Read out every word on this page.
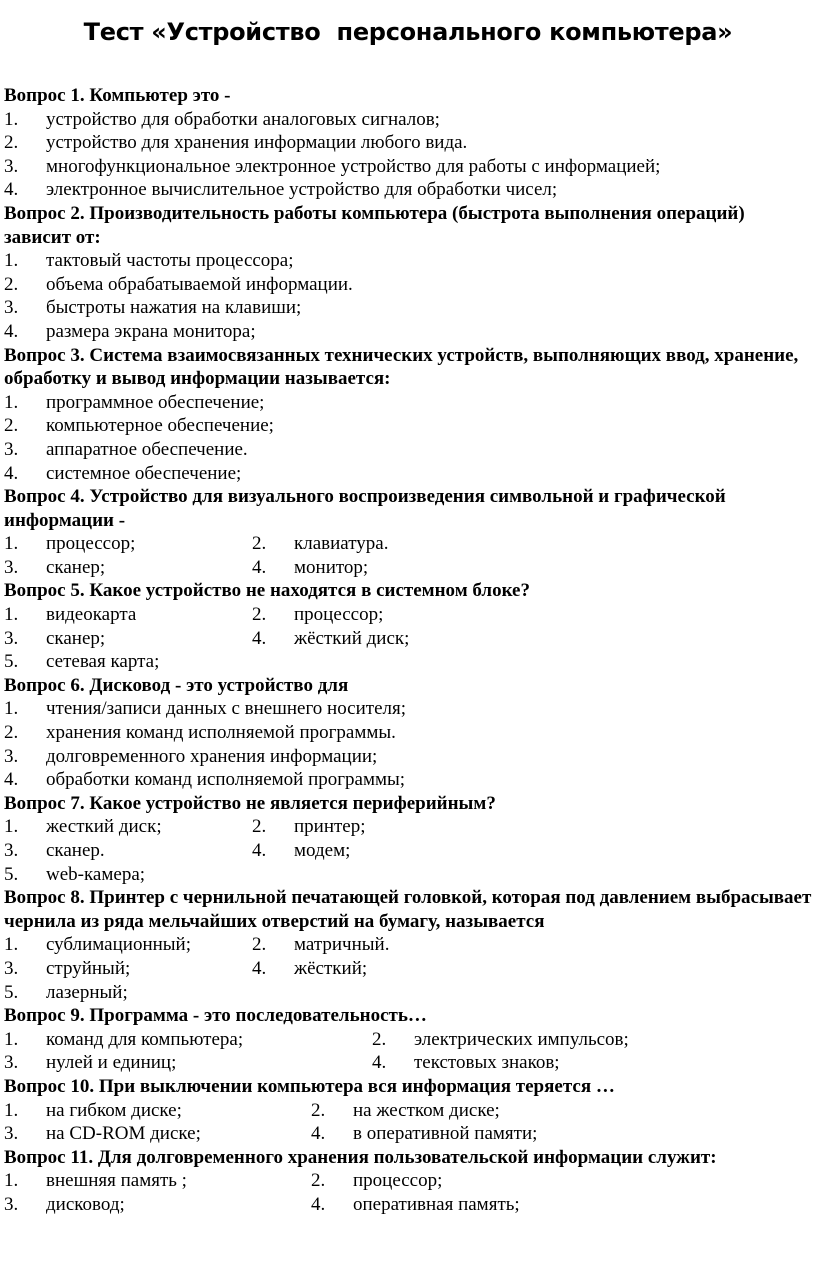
Тест «Устройство  персонального компьютера»

Вопрос 1. Компьютер это -

1. устройство для обработки аналоговых сигналов;
2. устройство для хранения информации любого вида.
3. многофункциональное электронное устройство для работы с информацией;
4. электронное вычислительное устройство для обработки чисел;

Вопрос 2. Производительность работы компьютера (быстрота выполнения операций) зависит от:

1. тактовый частоты процессора;
2. объема обрабатываемой информации.
3. быстроты нажатия на клавиши;
4. размера экрана монитора;

Вопрос 3. Система взаимосвязанных технических устройств, выполняющих ввод, хранение, обработку и вывод информации называется:

1. программное обеспечение;
2. компьютерное обеспечение;
3. аппаратное обеспечение.
4. системное обеспечение;

Вопрос 4. Устройство для визуального воспроизведения символьной и графической информации -

1. процессор;	2. клавиатура.
3. сканер;	4. монитор;

Вопрос 5. Какое устройство не находятся в системном блоке?

1. видеокарта	2. процессор;
3. сканер;	4. жёсткий диск;
5. сетевая карта;

Вопрос 6. Дисковод - это устройство для

1. чтения/записи данных с внешнего носителя;
2. хранения команд исполняемой программы.
3. долговременного хранения информации;
4. обработки команд исполняемой программы;

Вопрос 7. Какое устройство не является периферийным?

1. жесткий диск;	2. принтер;
3. сканер.	4. модем;
5. web-камера;

Вопрос 8. Принтер с чернильной печатающей головкой, которая под давлением выбрасывает чернила из ряда мельчайших отверстий на бумагу, называется

1. сублимационный;	2. матричный.
3. струйный;	4. жёсткий;
5. лазерный;

Вопрос 9. Программа - это последовательность…

1. команд для компьютера;	2. электрических импульсов;
3. нулей и единиц;	4. текстовых знаков;

Вопрос 10. При выключении компьютера вся информация теряется …

1. на гибком диске;	2. на жестком диске;
3. на CD-ROM диске;	4. в оперативной памяти;

Вопрос 11. Для долговременного хранения пользовательской информации служит:

1. внешняя память ;	2. процессор;
3. дисковод;	4. оперативная память;
